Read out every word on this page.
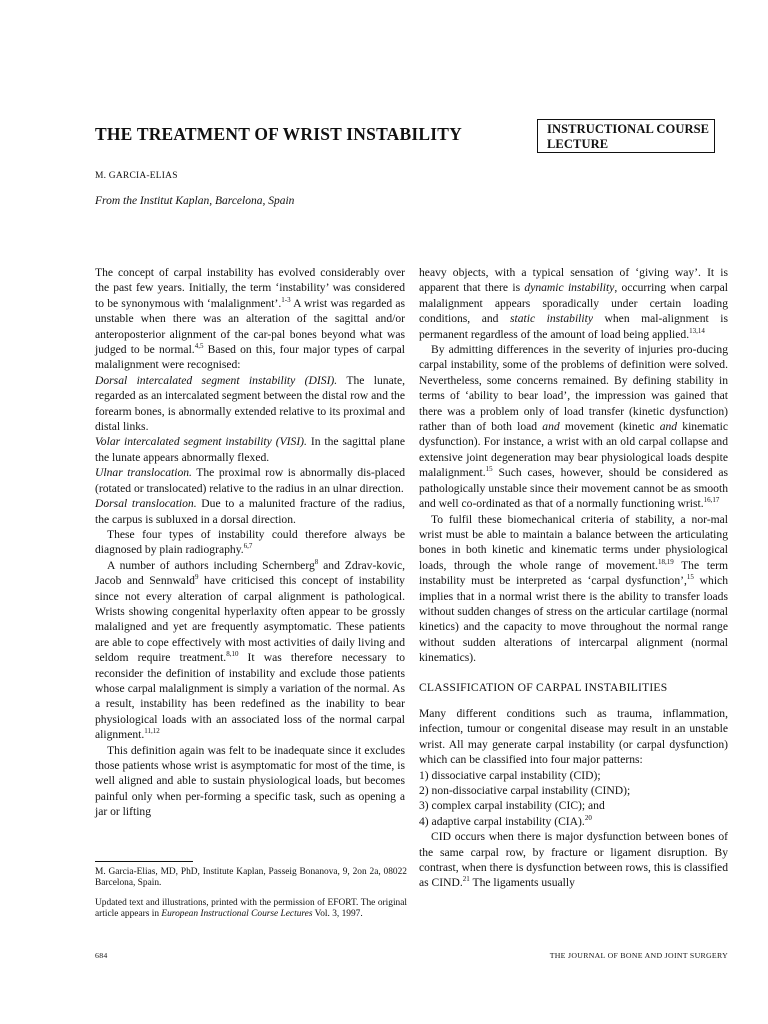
INSTRUCTIONAL COURSE
LECTURE
THE TREATMENT OF WRIST INSTABILITY
M. GARCIA-ELIAS
From the Institut Kaplan, Barcelona, Spain

The concept of carpal instability has evolved considerably over the past few years. Initially, the term ‘instability’ was considered to be synonymous with ‘malalignment’.$^{1-3}$ A wrist was regarded as unstable when there was an alteration of the sagittal and/or anteroposterior alignment of the car-pal bones beyond what was judged to be normal.$^{4,5}$ Based on this, four major types of carpal malalignment were recognised:

Dorsal intercalated segment instability (DISI). The lunate, regarded as an intercalated segment between the distal row and the forearm bones, is abnormally extended relative to its proximal and distal links.

Volar intercalated segment instability (VISI). In the sagittal plane the lunate appears abnormally flexed.

Ulnar translocation. The proximal row is abnormally dis-placed (rotated or translocated) relative to the radius in an ulnar direction.

Dorsal translocation. Due to a malunited fracture of the radius, the carpus is subluxed in a dorsal direction.

These four types of instability could therefore always be diagnosed by plain radiography.$^{6,7}$

A number of authors including Schernberg$^8$ and Zdrav-kovic, Jacob and Sennwald$^9$ have criticised this concept of instability since not every alteration of carpal alignment is pathological. Wrists showing congenital hyperlaxity often appear to be grossly malaligned and yet are frequently asymptomatic. These patients are able to cope effectively with most activities of daily living and seldom require treatment.$^{8,10}$ It was therefore necessary to reconsider the definition of instability and exclude those patients whose carpal malalignment is simply a variation of the normal. As a result, instability has been redefined as the inability to bear physiological loads with an associated loss of the normal carpal alignment.$^{11,12}$

This definition again was felt to be inadequate since it excludes those patients whose wrist is asymptomatic for most of the time, is well aligned and able to sustain physiological loads, but becomes painful only when per-forming a specific task, such as opening a jar or lifting

heavy objects, with a typical sensation of ‘giving way’. It is apparent that there is dynamic instability, occurring when carpal malalignment appears sporadically under certain loading conditions, and static instability when mal-alignment is permanent regardless of the amount of load being applied.$^{13,14}$

By admitting differences in the severity of injuries pro-ducing carpal instability, some of the problems of definition were solved. Nevertheless, some concerns remained. By defining stability in terms of ‘ability to bear load’, the impression was gained that there was a problem only of load transfer (kinetic dysfunction) rather than of both load and movement (kinetic and kinematic dysfunction). For instance, a wrist with an old carpal collapse and extensive joint degeneration may bear physiological loads despite malalignment.$^{15}$ Such cases, however, should be considered as pathologically unstable since their movement cannot be as smooth and well co-ordinated as that of a normally functioning wrist.$^{16,17}$

To fulfil these biomechanical criteria of stability, a nor-mal wrist must be able to maintain a balance between the articulating bones in both kinetic and kinematic terms under physiological loads, through the whole range of movement.$^{18,19}$ The term instability must be interpreted as ‘carpal dysfunction’,$^{15}$ which implies that in a normal wrist there is the ability to transfer loads without sudden changes of stress on the articular cartilage (normal kinetics) and the capacity to move throughout the normal range without sudden alterations of intercarpal alignment (normal kinematics).

CLASSIFICATION OF CARPAL INSTABILITIES

Many different conditions such as trauma, inflammation, infection, tumour or congenital disease may result in an unstable wrist. All may generate carpal instability (or carpal dysfunction) which can be classified into four major patterns:

1) dissociative carpal instability (CID);

2) non-dissociative carpal instability (CIND);

3) complex carpal instability (CIC); and

4) adaptive carpal instability (CIA).$^{20}$

CID occurs when there is major dysfunction between bones of the same carpal row, by fracture or ligament disruption. By contrast, when there is dysfunction between rows, this is classified as CIND.$^{21}$ The ligaments usually

M. Garcia-Elias, MD, PhD, Institute Kaplan, Passeig Bonanova, 9, 2on 2a, 08022 Barcelona, Spain.
Updated text and illustrations, printed with the permission of EFORT. The original article appears in European Instructional Course Lectures Vol. 3, 1997.
684	THE JOURNAL OF BONE AND JOINT SURGERY
